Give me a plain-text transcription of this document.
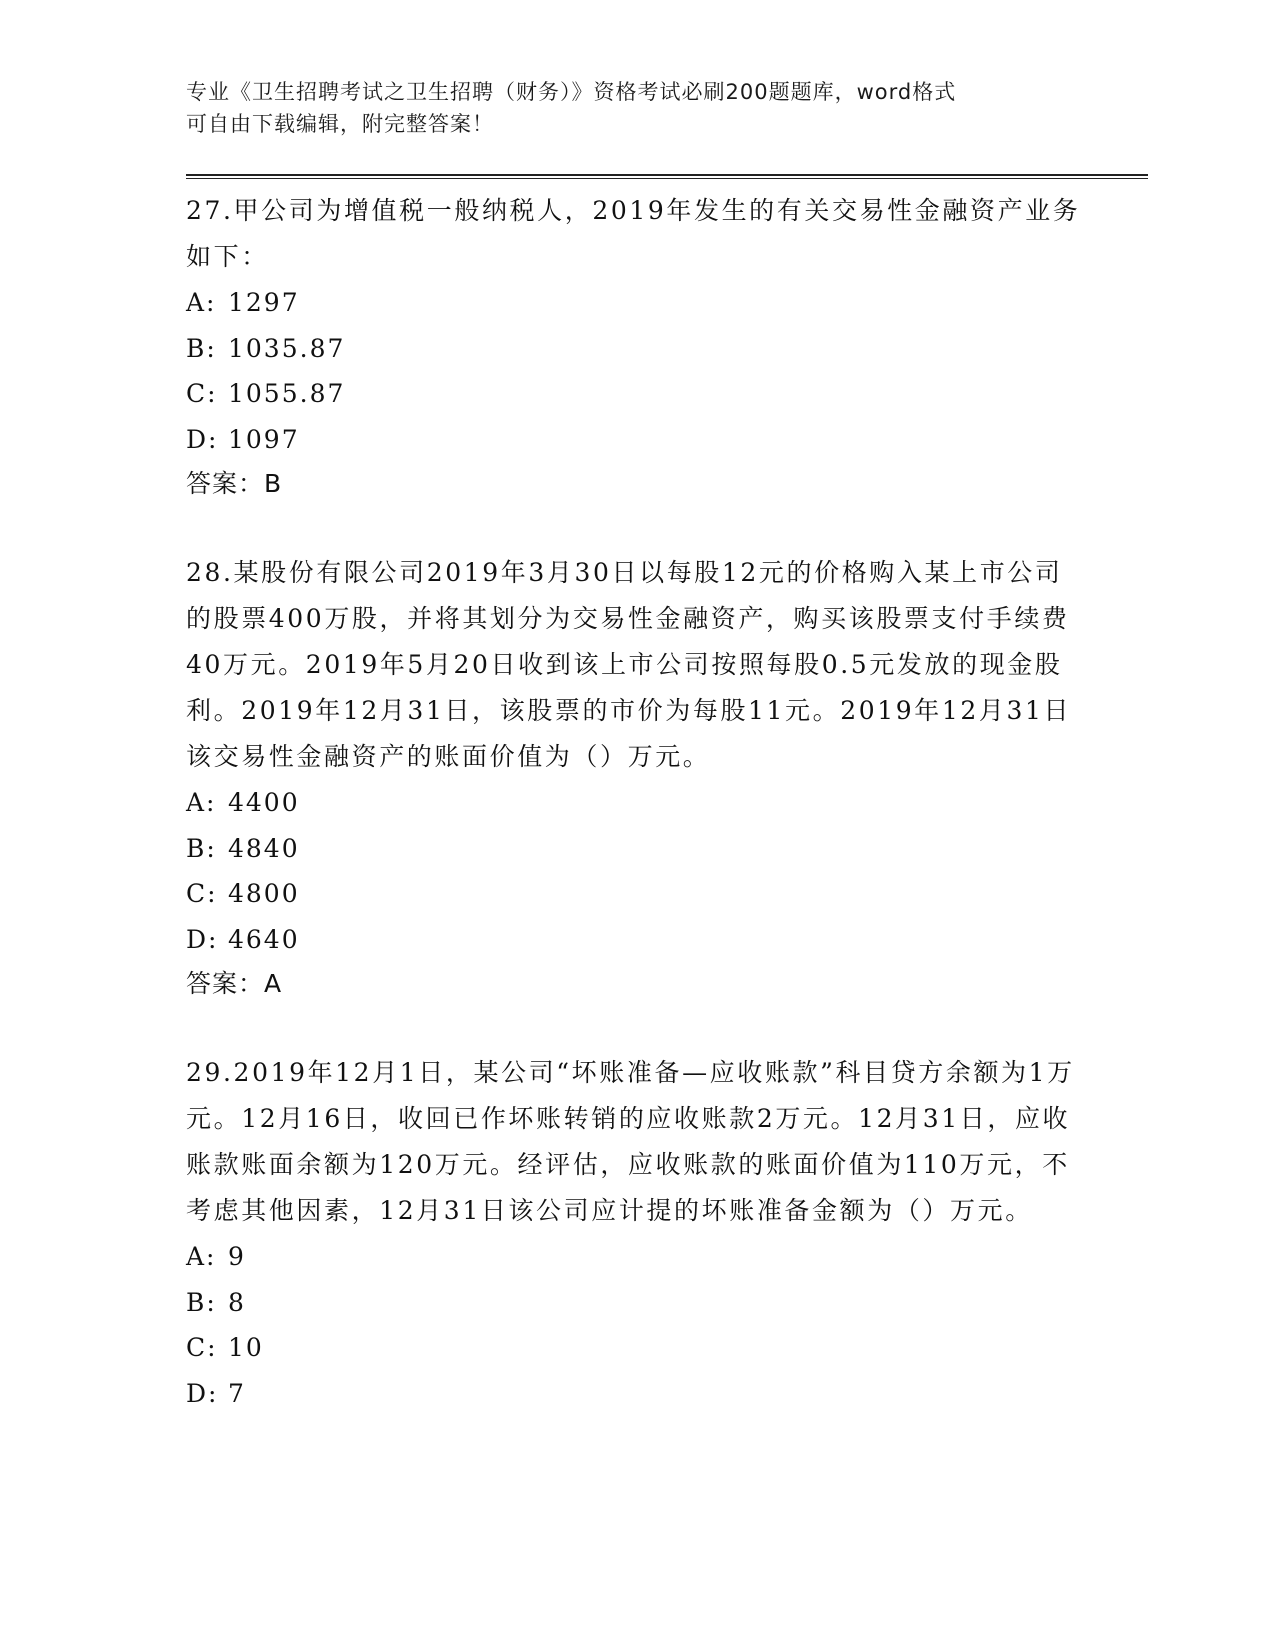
专业《卫生招聘考试之卫生招聘（财务）》资格考试必刷200题题库，word格式
可自由下载编辑，附完整答案！

27.甲公司为增值税一般纳税人，2019年发生的有关交易性金融资产业务如下：

A: 1297

B: 1035.87

C: 1055.87

D: 1097

答案：B

28.某股份有限公司2019年3月30日以每股12元的价格购入某上市公司的股票400万股，并将其划分为交易性金融资产，购买该股票支付手续费40万元。2019年5月20日收到该上市公司按照每股0.5元发放的现金股利。2019年12月31日，该股票的市价为每股11元。2019年12月31日该交易性金融资产的账面价值为（）万元。

A: 4400

B: 4840

C: 4800

D: 4640

答案：A

29.2019年12月1日，某公司“坏账准备—应收账款”科目贷方余额为1万元。12月16日，收回已作坏账转销的应收账款2万元。12月31日，应收账款账面余额为120万元。经评估，应收账款的账面价值为110万元，不考虑其他因素，12月31日该公司应计提的坏账准备金额为（）万元。

A: 9

B: 8

C: 10

D: 7
